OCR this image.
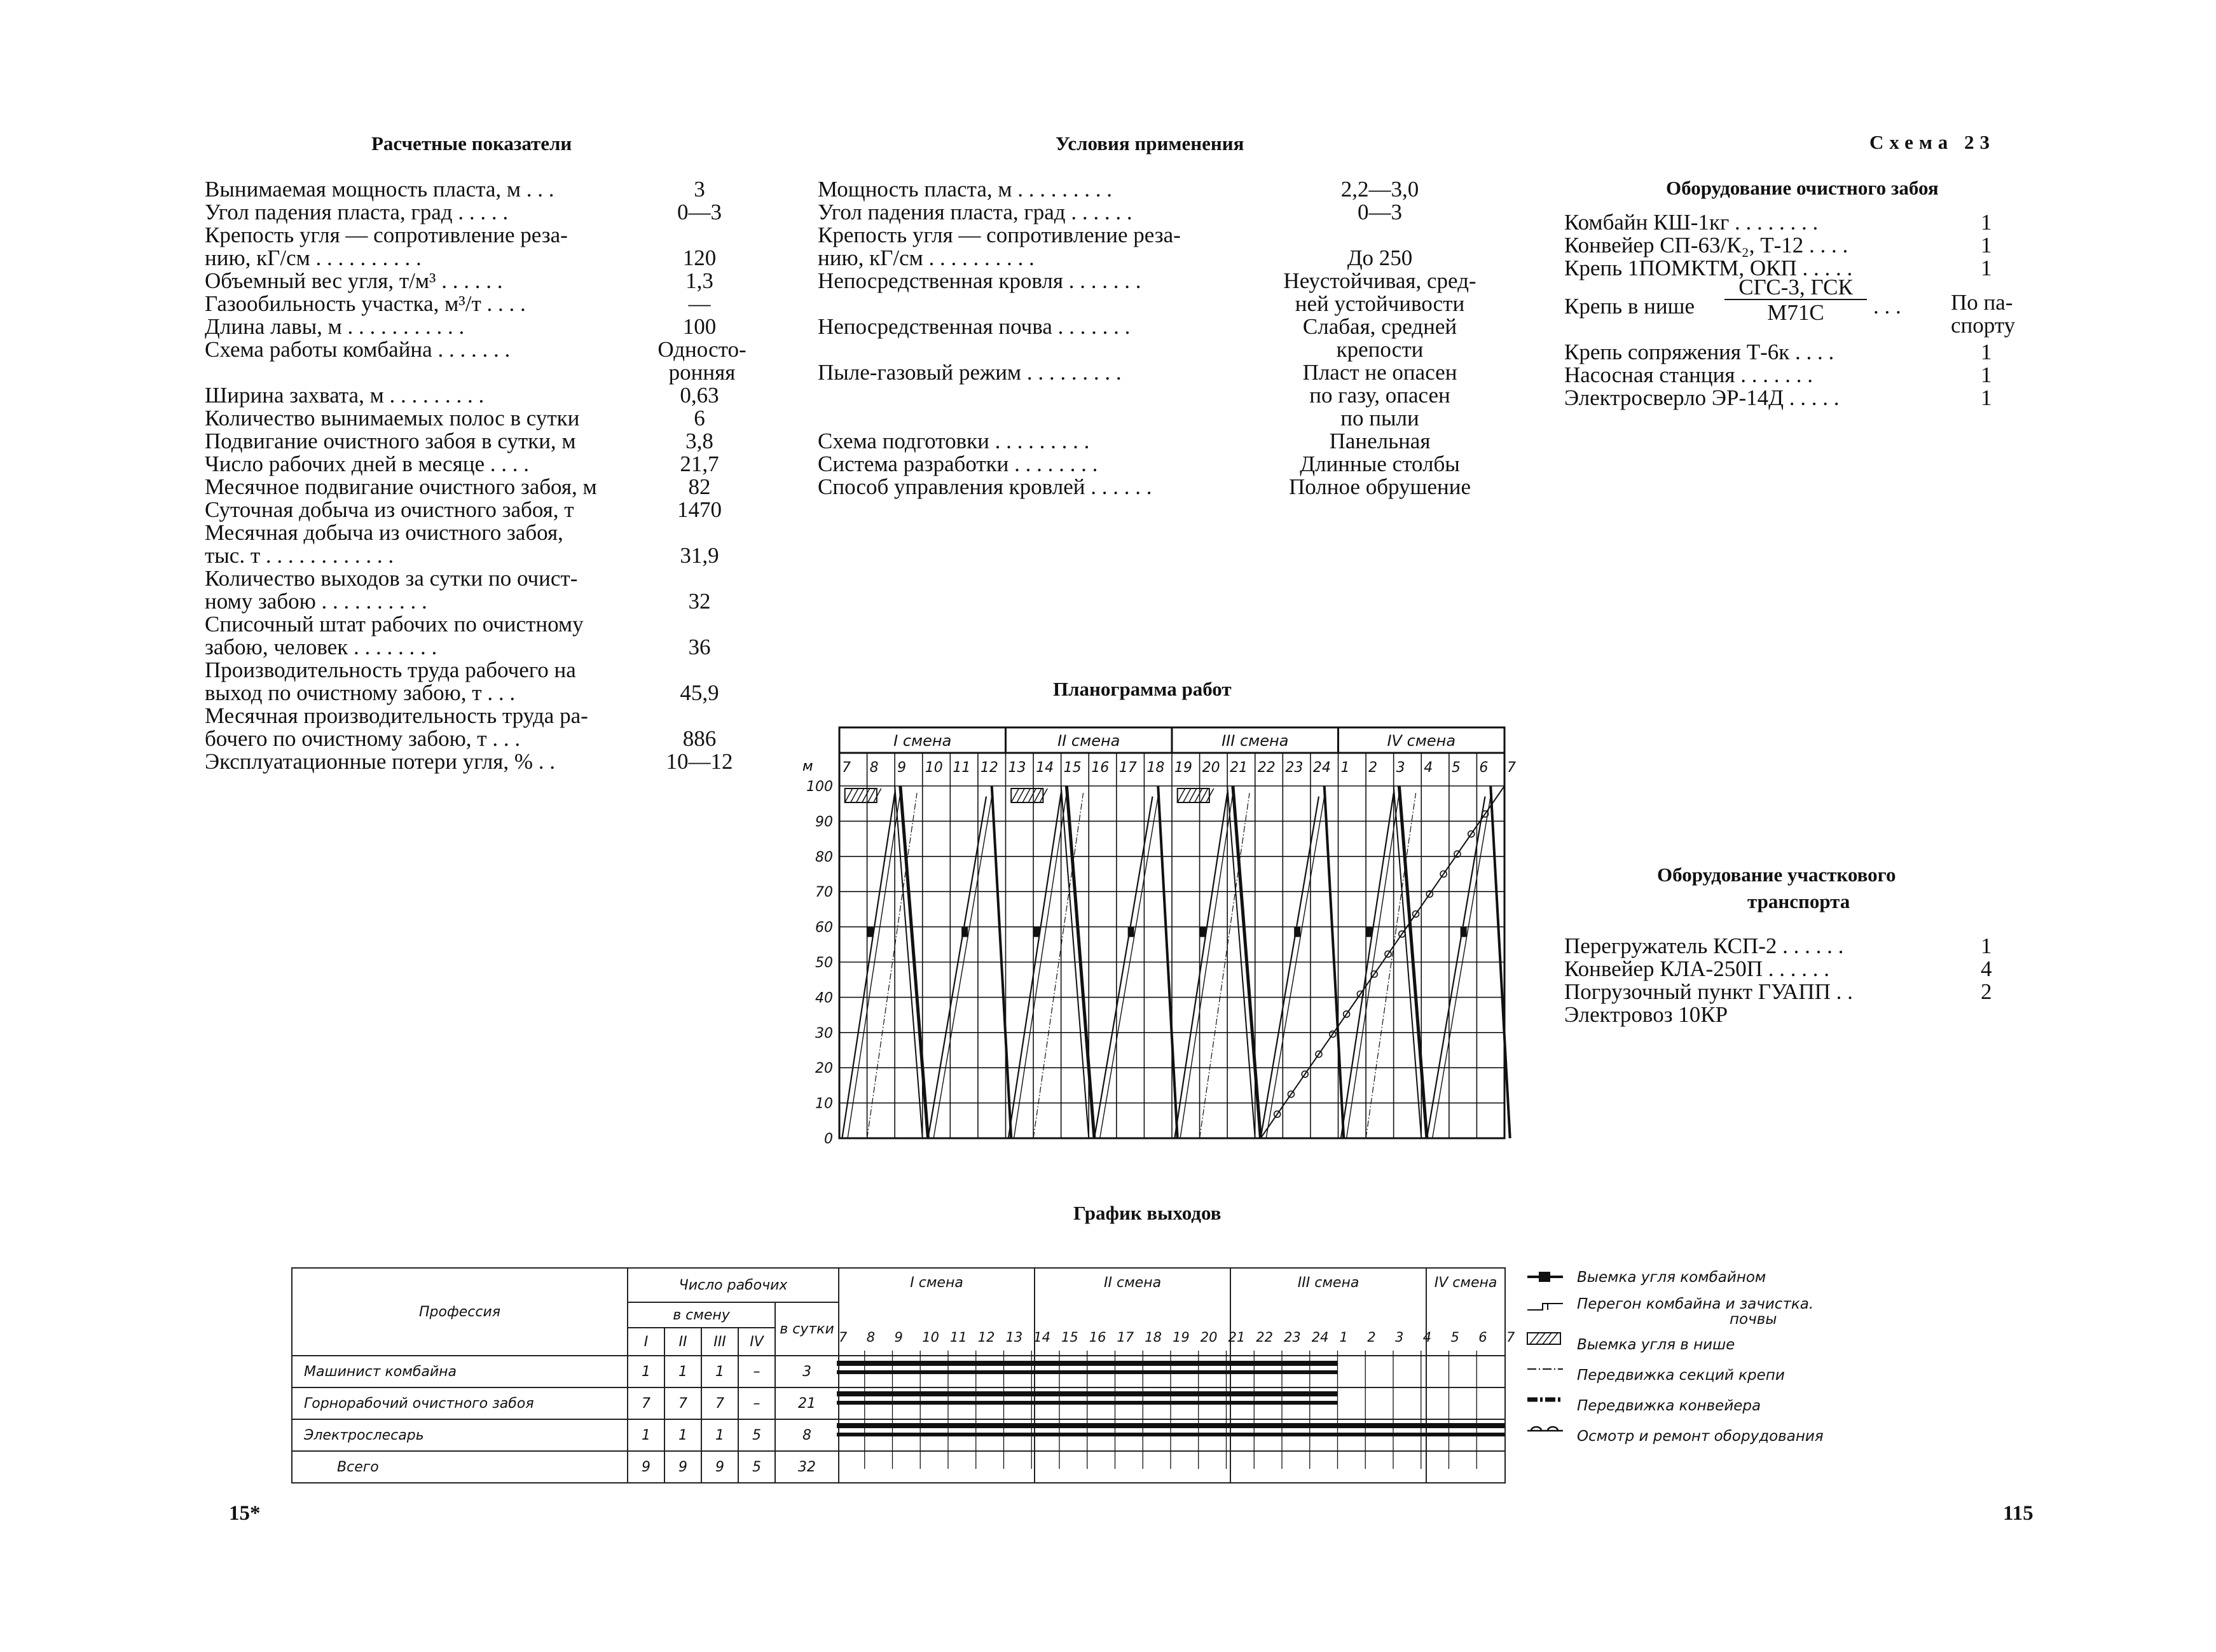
Расчетные показатели	Условия применения	Схема 23
Оборудование очистного забоя
Планограмма работ
Оборудование участкового
транспорта
График выходов
Вынимаемая мощность пласта, м . . .	3
Угол падения пласта, град . . . . .	0—3
Крепость угля — сопротивление реза-
нию, кГ/см . . . . . . . . . .	120
Объемный вес угля, т/м³ . . . . . .	1,3
Газообильность участка, м³/т . . . .	—
Длина лавы, м . . . . . . . . . . .	100
Схема работы комбайна . . . . . . .	Односто-
ронняя
Ширина захвата, м . . . . . . . . .	0,63
Количество вынимаемых полос в сутки	6
Подвигание очистного забоя в сутки, м	3,8
Число рабочих дней в месяце . . . .	21,7
Месячное подвигание очистного забоя, м	82
Суточная добыча из очистного забоя, т	1470
Месячная добыча из очистного забоя,
тыс. т . . . . . . . . . . . .	31,9
Количество выходов за сутки по очист-
ному забою . . . . . . . . . .	32
Списочный штат рабочих по очистному
забою, человек . . . . . . . .	36
Производительность труда рабочего на
выход по очистному забою, т . . .	45,9
Месячная производительность труда ра-
бочего по очистному забою, т . . .	886
Эксплуатационные потери угля, % . .	10—12
Мощность пласта, м . . . . . . . . .	2,2—3,0
Угол падения пласта, град . . . . . .	0—3
Крепость угля — сопротивление реза-
нию, кГ/см . . . . . . . . . .	До 250
Непосредственная кровля . . . . . . .	Неустойчивая, сред-
ней устойчивости
Непосредственная почва . . . . . . .	Слабая, средней
крепости
Пыле-газовый режим . . . . . . . . .	Пласт не опасен
по газу, опасен
по пыли
Схема подготовки . . . . . . . . .	Панельная
Система разработки . . . . . . . .	Длинные столбы
Способ управления кровлей . . . . . .	Полное обрушение
Комбайн КШ-1кг . . . . . . . .	1
Конвейер СП-63/К₂, Т-12 . . . .	1
Крепь 1ПОМКТМ, ОКП . . . . .	1
Крепь в нише
СГС-3, ГСК
М71С	. . . По па-
спорту
Крепь сопряжения Т-6к . . . .	1
Насосная станция . . . . . . .	1
Электросверло ЭР-14Д . . . . .	1
Перегружатель КСП-2 . . . . . .	1
Конвейер КЛА-250П . . . . . .	4
Погрузочный пункт ГУАПП . .	2
Электровоз 10КР
I смена	II смена	III смена	IV смена
7 8 9 10 11 12 13 14 15 16 17 18 19 20 21 22 23 24 1 2 3 4 5 6 7
0
10
20
30
40
50
60
70
80
90
100
м
Профессия	Число рабочих					I смена	II смена	III смена	IV смена
	в смену				в сутки				
	I	II	III	IV					
Машинист комбайна	1	1	1	–	3				
Горнорабочий очистного забоя	7	7	7	–	21				
Электрослесарь	1	1	1	5	8				
Всего	9	9	9	5	32				
7 8 9 10 11 12 13 14 15 16 17 18 19 20 21 22 23 24 1 2 3 4 5 6 7
Выемка угля комбайном
Перегон комбайна и зачистка.
почвы
Выемка угля в нише
Передвижка секций крепи
Передвижка конвейера
Осмотр и ремонт оборудования
15*	115
